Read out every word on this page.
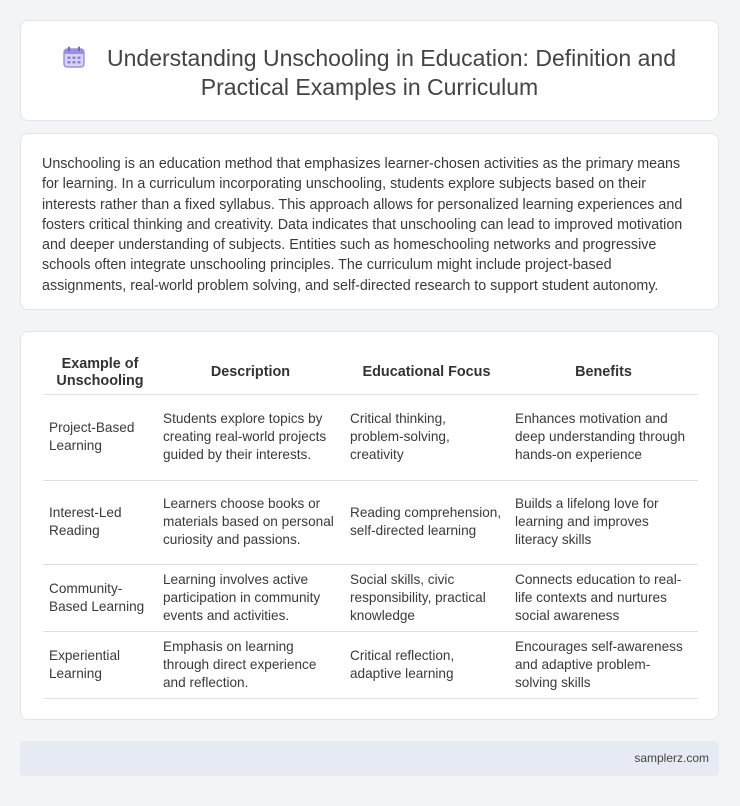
Understanding Unschooling in Education: Definition and
Practical Examples in Curriculum

Unschooling is an education method that emphasizes learner-chosen activities as the primary means for learning. In a curriculum incorporating unschooling, students explore subjects based on their interests rather than a fixed syllabus. This approach allows for personalized learning experiences and fosters critical thinking and creativity. Data indicates that unschooling can lead to improved motivation and deeper understanding of subjects. Entities such as homeschooling networks and progressive schools often integrate unschooling principles. The curriculum might include project-based assignments, real-world problem solving, and self-directed research to support student autonomy.

Example of Unschooling	Description	Educational Focus	Benefits
Project-Based Learning	Students explore topics by creating real-world projects guided by their interests.	Critical thinking, problem-solving, creativity	Enhances motivation and deep understanding through hands-on experience
Interest-Led Reading	Learners choose books or materials based on personal curiosity and passions.	Reading comprehension, self-directed learning	Builds a lifelong love for learning and improves literacy skills
Community-Based Learning	Learning involves active participation in community events and activities.	Social skills, civic responsibility, practical knowledge	Connects education to real-life contexts and nurtures social awareness
Experiential Learning	Emphasis on learning through direct experience and reflection.	Critical reflection, adaptive learning	Encourages self-awareness and adaptive problem-solving skills
samplerz.com
